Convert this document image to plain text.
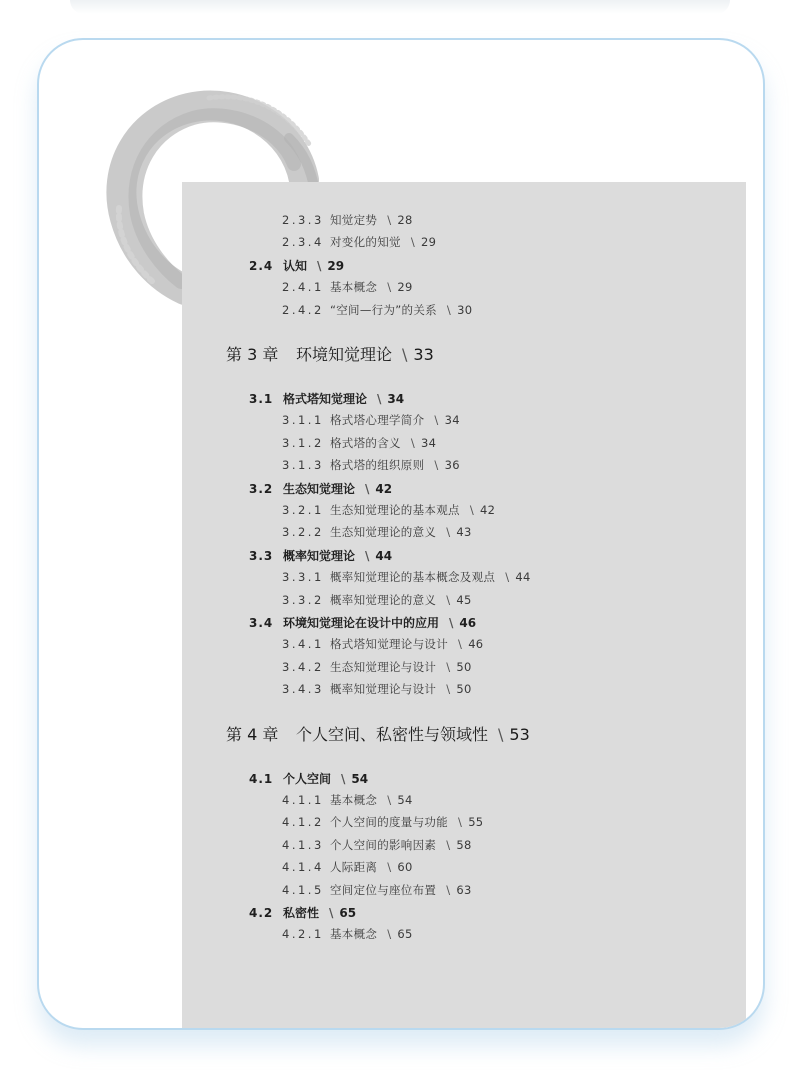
2.3.3 知觉定势 \ 28
2.3.4 对变化的知觉 \ 29
2.4 认知 \ 29
2.4.1 基本概念 \ 29
2.4.2 “空间—行为”的关系 \ 30
第 3 章 环境知觉理论 \ 33
3.1 格式塔知觉理论 \ 34
3.1.1 格式塔心理学简介 \ 34
3.1.2 格式塔的含义 \ 34
3.1.3 格式塔的组织原则 \ 36
3.2 生态知觉理论 \ 42
3.2.1 生态知觉理论的基本观点 \ 42
3.2.2 生态知觉理论的意义 \ 43
3.3 概率知觉理论 \ 44
3.3.1 概率知觉理论的基本概念及观点 \ 44
3.3.2 概率知觉理论的意义 \ 45
3.4 环境知觉理论在设计中的应用 \ 46
3.4.1 格式塔知觉理论与设计 \ 46
3.4.2 生态知觉理论与设计 \ 50
3.4.3 概率知觉理论与设计 \ 50
第 4 章 个人空间、私密性与领域性 \ 53
4.1 个人空间 \ 54
4.1.1 基本概念 \ 54
4.1.2 个人空间的度量与功能 \ 55
4.1.3 个人空间的影响因素 \ 58
4.1.4 人际距离 \ 60
4.1.5 空间定位与座位布置 \ 63
4.2 私密性 \ 65
4.2.1 基本概念 \ 65
